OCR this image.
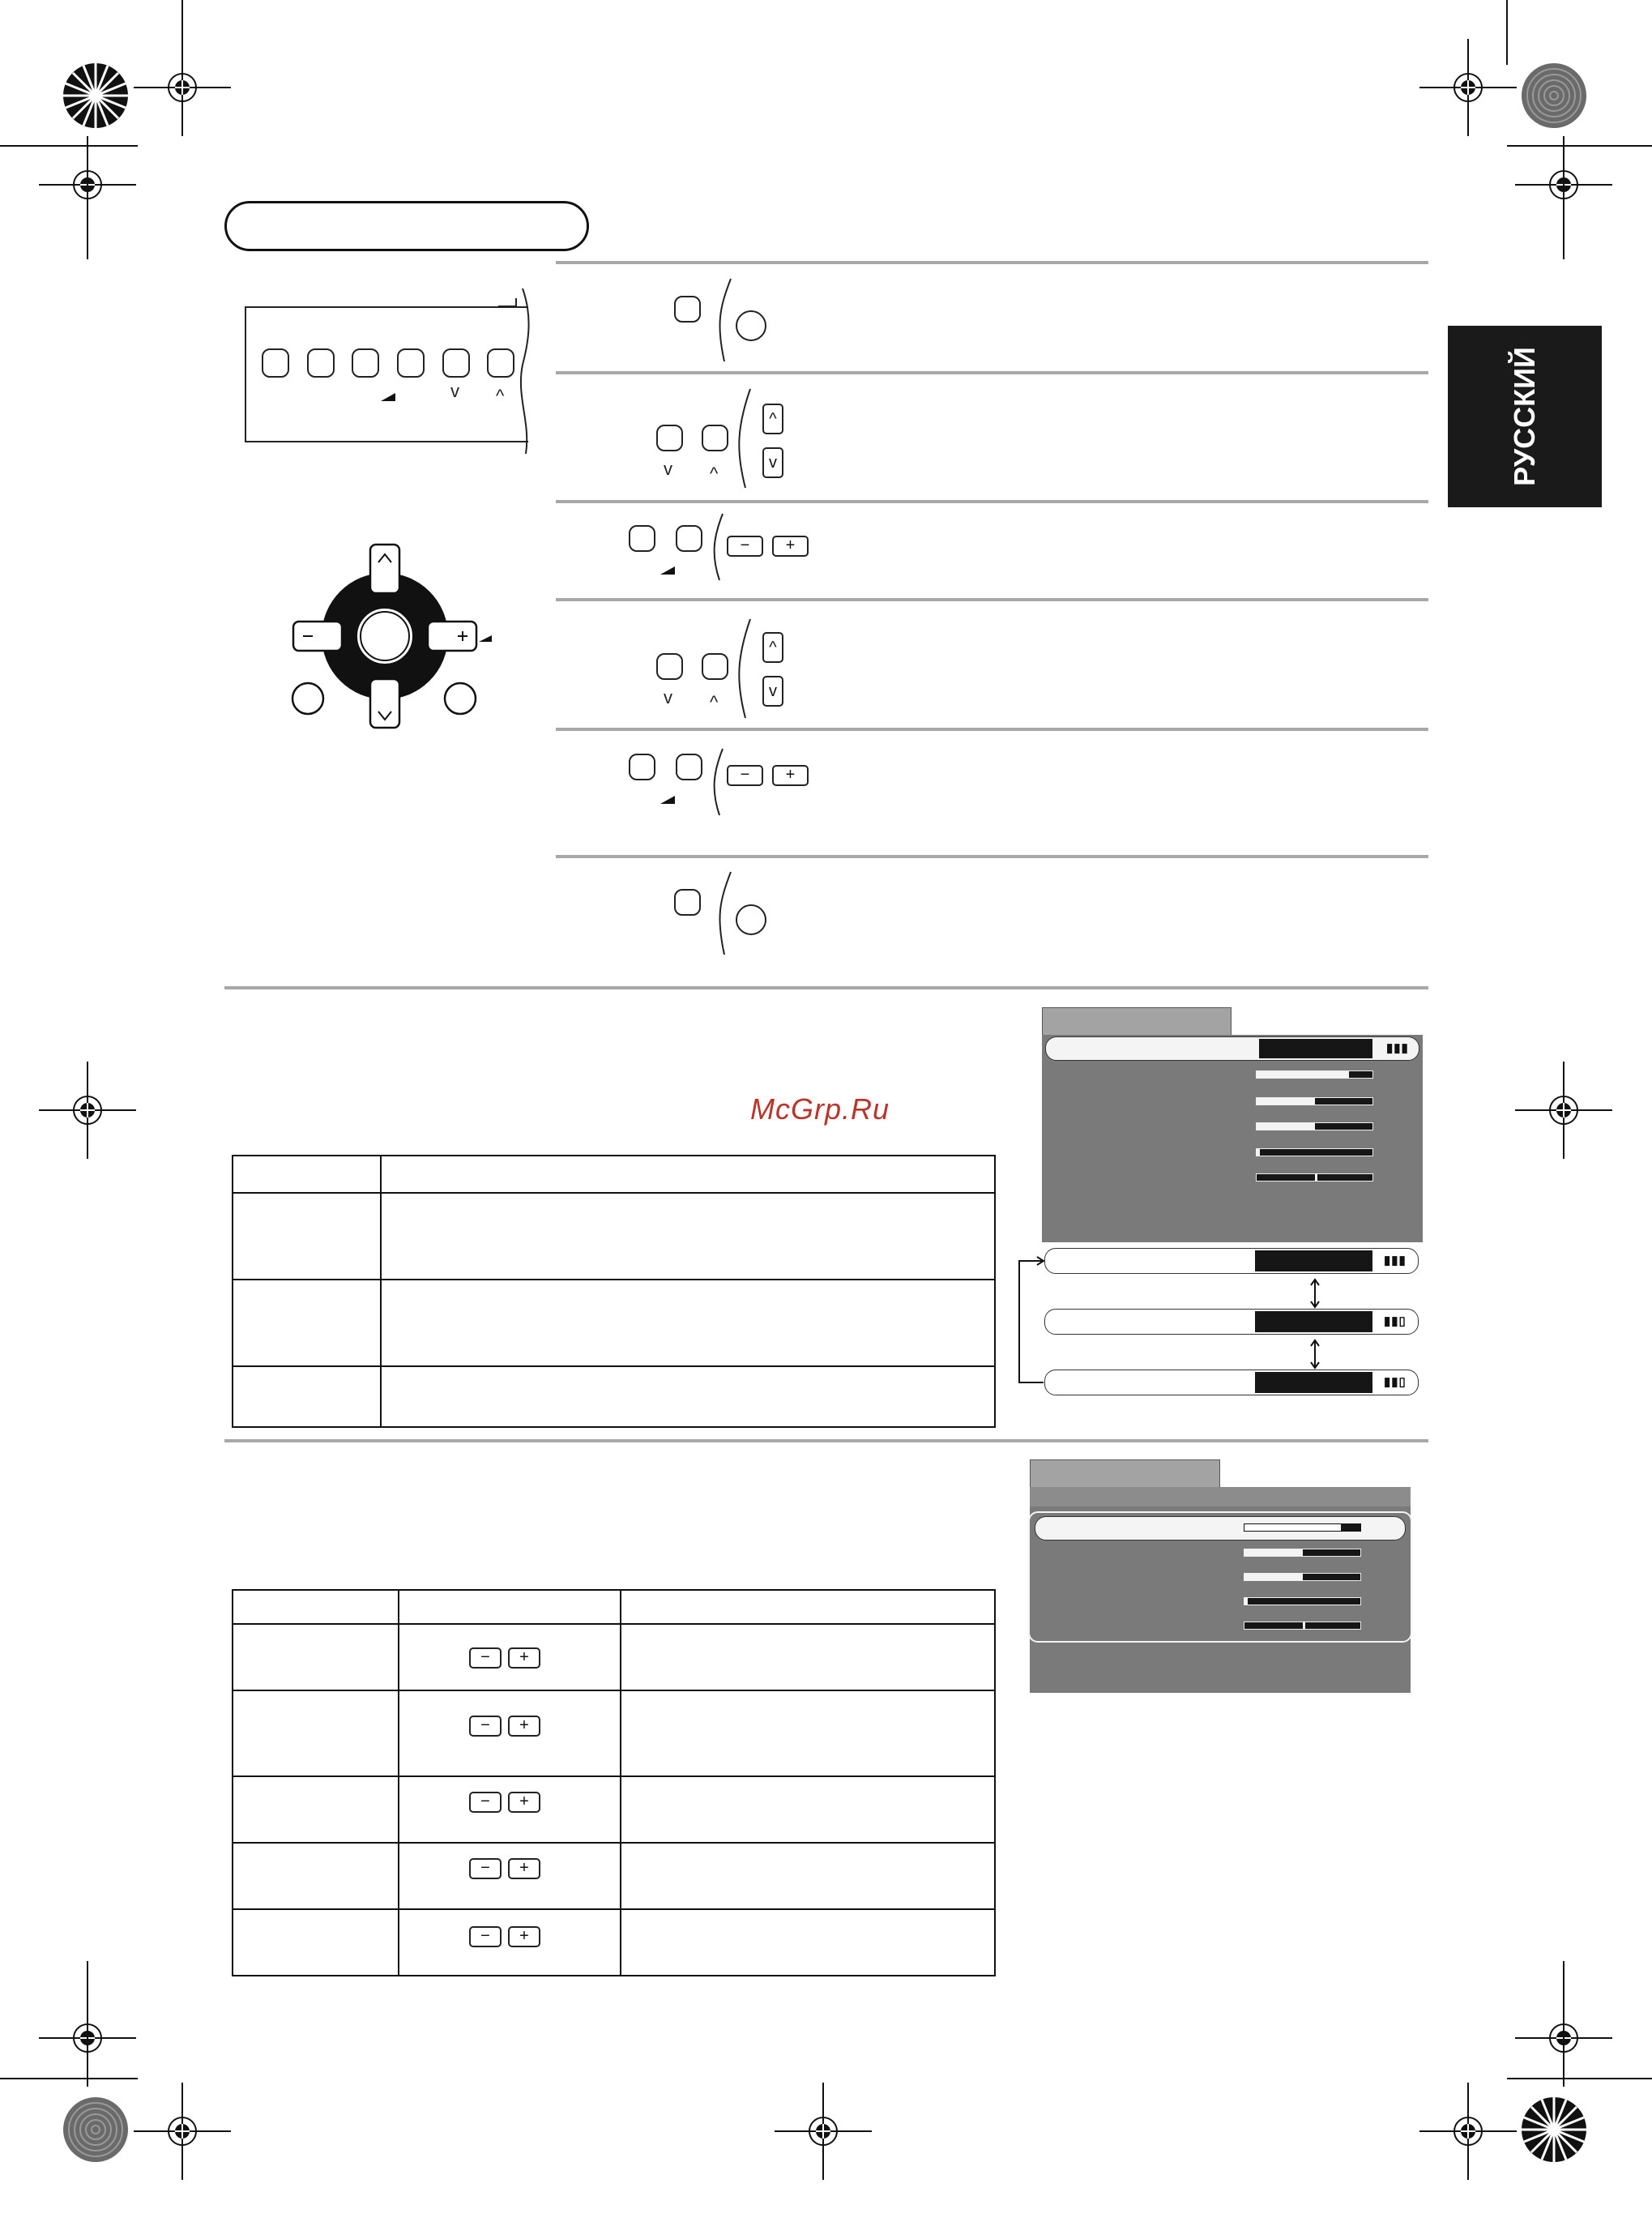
РУССКИЙ
v ^
v ^
^
v
−	+
v ^
^
v
−	+
McGrp.Ru

▮▮▮
▮▮▮
▮▮▯
▮▮▯

	− +	

	− +	

	− +	

	− +	

	− +	
